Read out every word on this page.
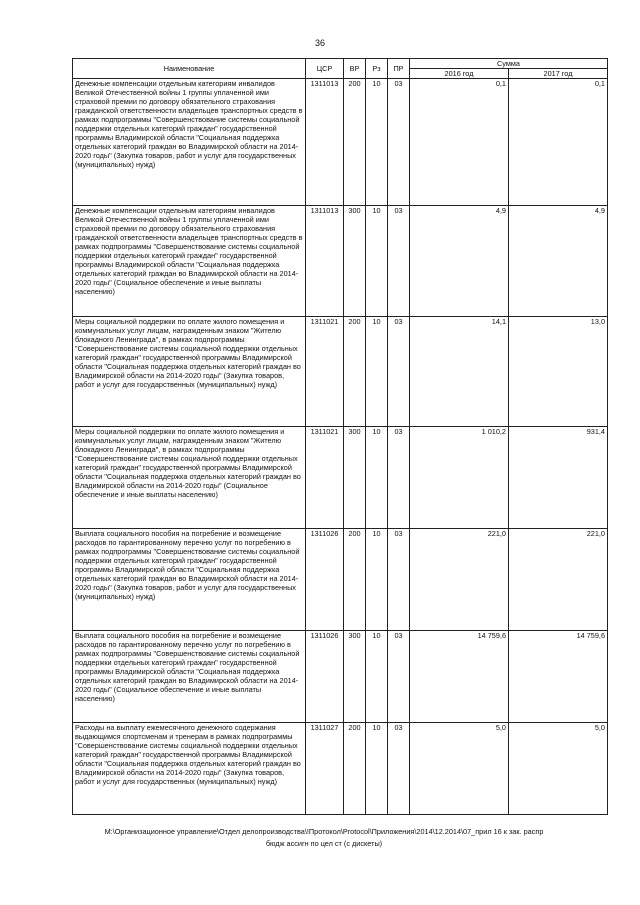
36
Наименование	ЦСР	ВР	Рз	ПР	Сумма	
					2016 год	2017 год
Денежные компенсации отдельным категориям инвалидов Великой Отечественной войны 1 группы уплаченной ими страховой премии по договору обязательного страхования гражданской ответственности владельцев транспортных средств в рамках подпрограммы "Совершенствование системы социальной поддержки отдельных категорий граждан" государственной программы Владимирской области "Социальная поддержка отдельных категорий граждан во Владимирской области на 2014-2020 годы" (Закупка товаров, работ и услуг для государственных (муниципальных) нужд)	1311013	200	10	03	0,1	0,1
Денежные компенсации отдельным категориям инвалидов Великой Отечественной войны 1 группы уплаченной ими страховой премии по договору обязательного страхования гражданской ответственности владельцев транспортных средств в рамках подпрограммы "Совершенствование системы социальной поддержки отдельных категорий граждан" государственной программы Владимирской области "Социальная поддержка отдельных категорий граждан во Владимирской области на 2014-2020 годы" (Социальное обеспечение и иные выплаты населению)	1311013	300	10	03	4,9	4,9
Меры социальной поддержки по оплате жилого помещения и коммунальных услуг лицам, награжденным знаком "Жителю блокадного Ленинграда", в рамках подпрограммы "Совершенствование системы социальной поддержки отдельных категорий граждан" государственной программы Владимирской области "Социальная поддержка отдельных категорий граждан во Владимирской области на 2014-2020 годы" (Закупка товаров, работ и услуг для государственных (муниципальных) нужд)	1311021	200	10	03	14,1	13,0
Меры социальной поддержки по оплате жилого помещения и коммунальных услуг лицам, награжденным знаком "Жителю блокадного Ленинграда", в рамках подпрограммы "Совершенствование системы социальной поддержки отдельных категорий граждан" государственной программы Владимирской области "Социальная поддержка отдельных категорий граждан во Владимирской области на 2014-2020 годы" (Социальное обеспечение и иные выплаты населению)	1311021	300	10	03	1 010,2	931,4
Выплата социального пособия на погребение и возмещение расходов по гарантированному перечню услуг по погребению в рамках подпрограммы "Совершенствование системы социальной поддержки отдельных категорий граждан" государственной программы Владимирской области "Социальная поддержка отдельных категорий граждан во Владимирской области на 2014-2020 годы" (Закупка товаров, работ и услуг для государственных (муниципальных) нужд)	1311026	200	10	03	221,0	221,0
Выплата социального пособия на погребение и возмещение расходов по гарантированному перечню услуг по погребению в рамках подпрограммы "Совершенствование системы социальной поддержки отдельных категорий граждан" государственной программы Владимирской области "Социальная поддержка отдельных категорий граждан во Владимирской области на 2014-2020 годы" (Социальное обеспечение и иные выплаты населению)	1311026	300	10	03	14 759,6	14 759,6
Расходы на выплату ежемесячного денежного содержания выдающимся спортсменам и тренерам в рамках подпрограммы "Совершенствование системы социальной поддержки отдельных категорий граждан" государственной программы Владимирской области "Социальная поддержка отдельных категорий граждан во Владимирской области на 2014-2020 годы" (Закупка товаров, работ и услуг для государственных (муниципальных) нужд)	1311027	200	10	03	5,0	5,0
M:\Организационное управление\Отдел делопроизводства\!Протокол\Protocol\Приложения\2014\12.2014\07_прил 16 к зак. распр
бюдж ассигн по цел ст (с дискеты)
